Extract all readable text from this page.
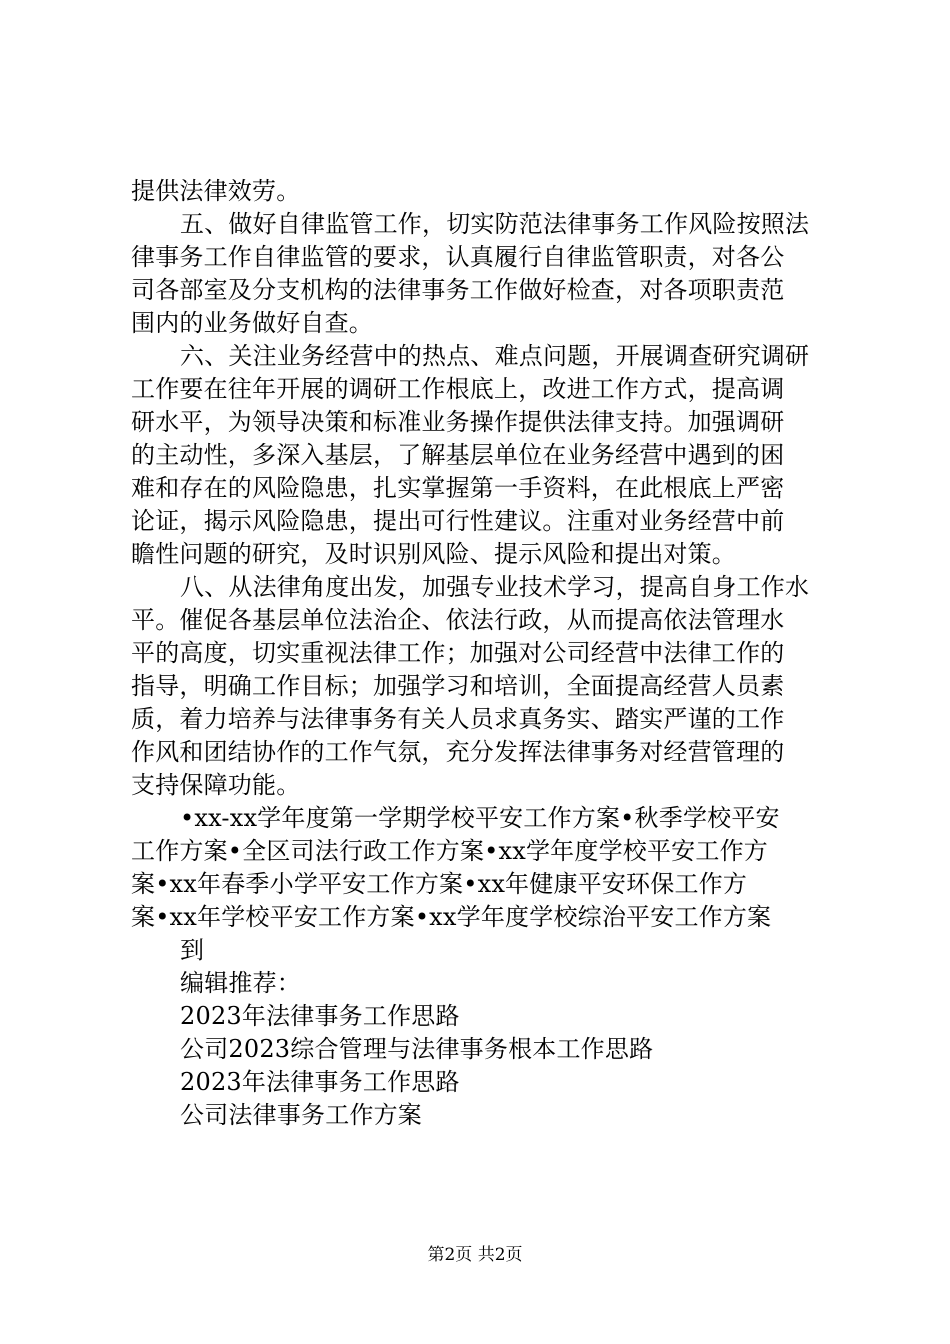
提供法律效劳。
五、做好自律监管工作，切实防范法律事务工作风险按照法
律事务工作自律监管的要求，认真履行自律监管职责，对各公
司各部室及分支机构的法律事务工作做好检查，对各项职责范
围内的业务做好自查。
六、关注业务经营中的热点、难点问题，开展调查研究调研
工作要在往年开展的调研工作根底上，改进工作方式，提高调
研水平，为领导决策和标准业务操作提供法律支持。加强调研
的主动性，多深入基层，了解基层单位在业务经营中遇到的困
难和存在的风险隐患，扎实掌握第一手资料，在此根底上严密
论证，揭示风险隐患，提出可行性建议。注重对业务经营中前
瞻性问题的研究，及时识别风险、提示风险和提出对策。
八、从法律角度出发，加强专业技术学习，提高自身工作水
平。催促各基层单位法治企、依法行政，从而提高依法管理水
平的高度，切实重视法律工作；加强对公司经营中法律工作的
指导，明确工作目标；加强学习和培训，全面提高经营人员素
质，着力培养与法律事务有关人员求真务实、踏实严谨的工作
作风和团结协作的工作气氛，充分发挥法律事务对经营管理的
支持保障功能。
•xx-xx学年度第一学期学校平安工作方案•秋季学校平安
工作方案•全区司法行政工作方案•xx学年度学校平安工作方
案•xx年春季小学平安工作方案•xx年健康平安环保工作方
案•xx年学校平安工作方案•xx学年度学校综治平安工作方案
到
编辑推荐：
2023年法律事务工作思路
公司2023综合管理与法律事务根本工作思路
2023年法律事务工作思路
公司法律事务工作方案
第2页 共2页
